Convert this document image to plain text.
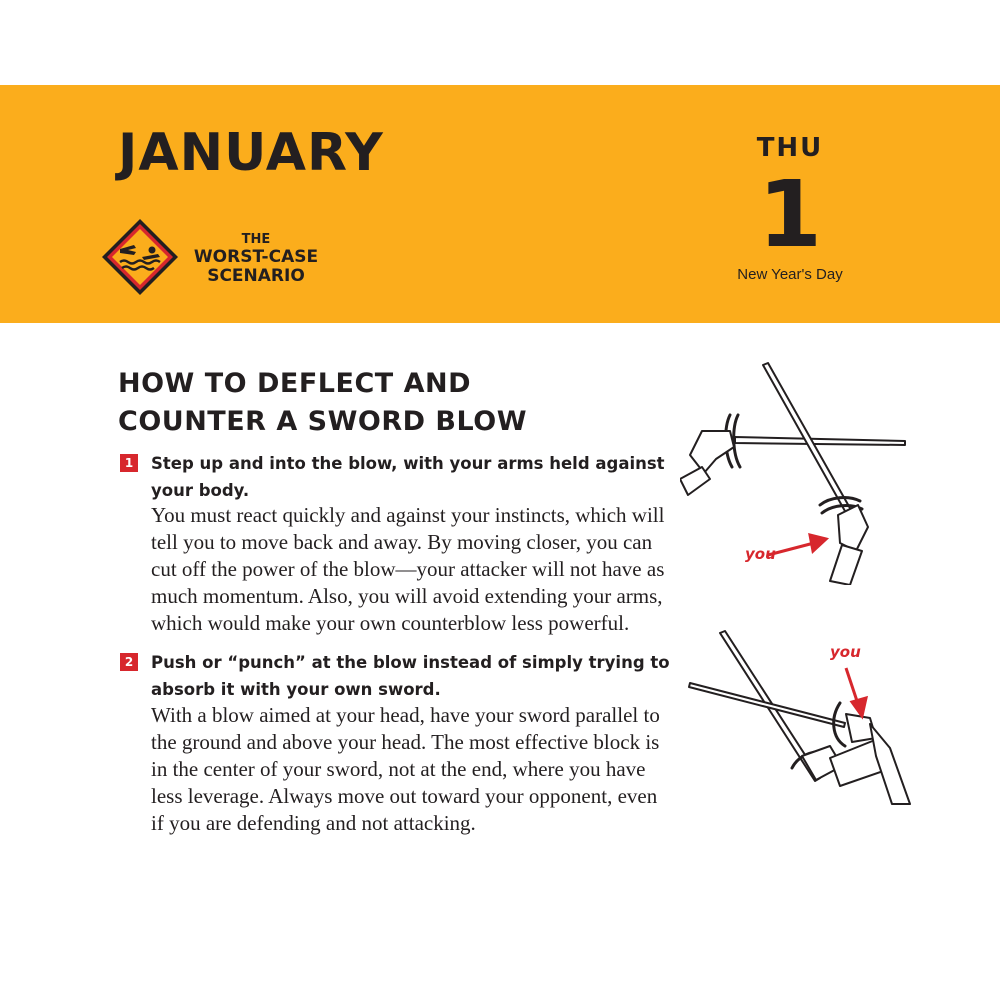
JANUARY
THE
WORST-CASE
SCENARIO
THU
1
New Year's Day
HOW TO DEFLECT AND
COUNTER A SWORD BLOW
1 Step up and into the blow, with your arms held against
your body.
You must react quickly and against your instincts, which will
tell you to move back and away. By moving closer, you can
cut off the power of the blow—your attacker will not have as
much momentum. Also, you will avoid extending your arms,
which would make your own counterblow less powerful.
2 Push or “punch” at the blow instead of simply trying to
absorb it with your own sword.
With a blow aimed at your head, have your sword parallel to
the ground and above your head. The most effective block is
in the center of your sword, not at the end, where you have
less leverage. Always move out toward your opponent, even
if you are defending and not attacking.
you
you
